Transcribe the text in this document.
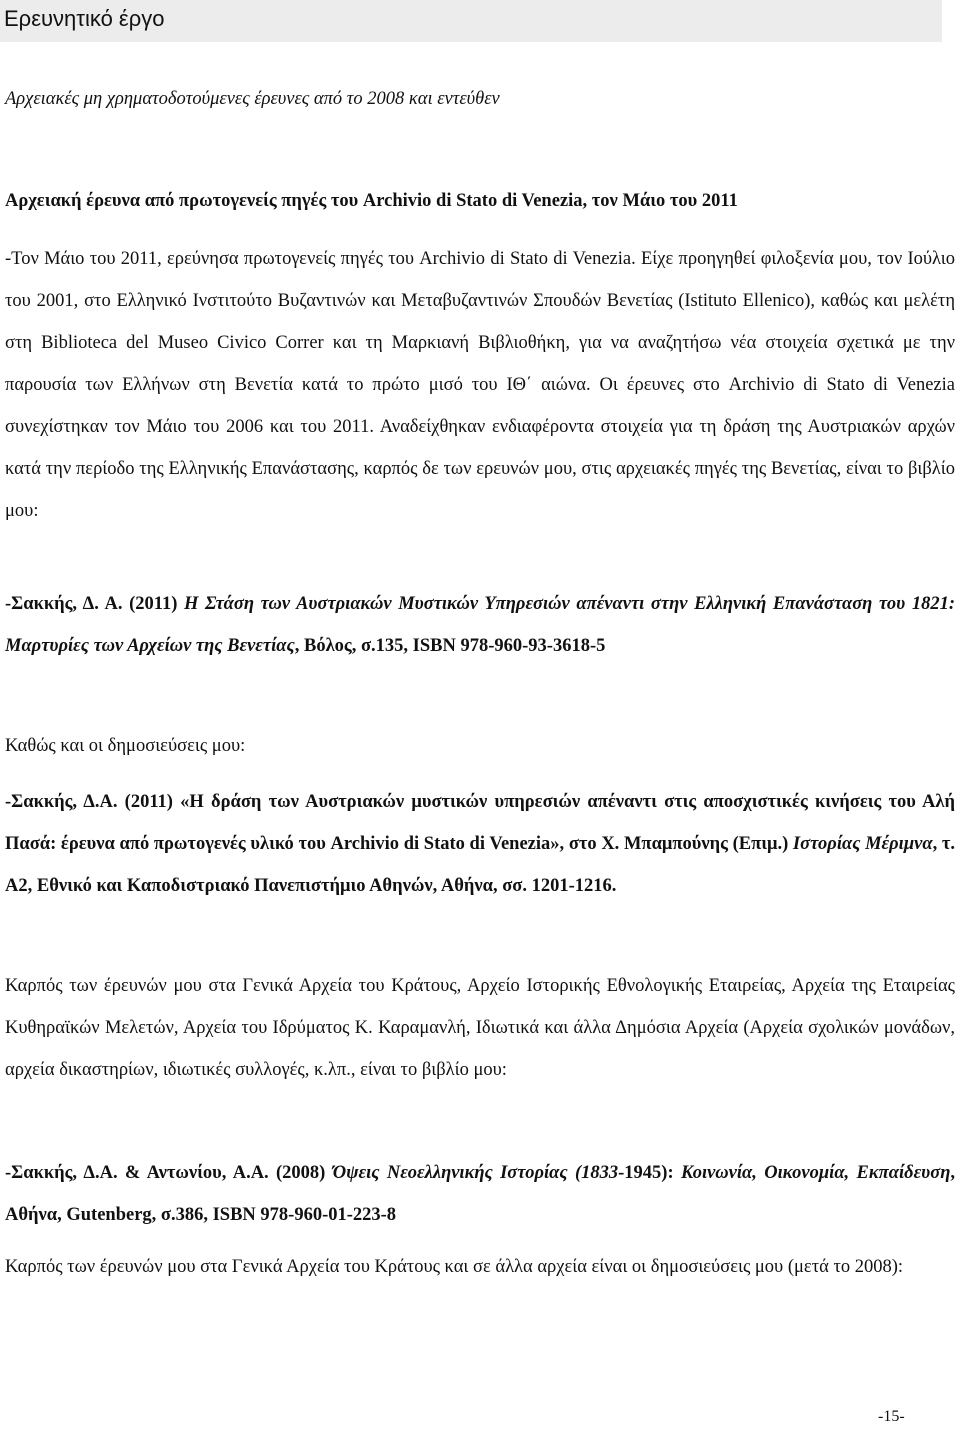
Ερευνητικό έργο

Αρχειακές μη χρηματοδοτούμενες έρευνες από το 2008 και εντεύθεν

Αρχειακή έρευνα από πρωτογενείς πηγές του Archivio di Stato di Venezia, τον Μάιο του 2011

-Τον Μάιο του 2011, ερεύνησα πρωτογενείς πηγές του Archivio di Stato di Venezia. Είχε προηγηθεί φιλοξενία μου, τον Ιούλιο του 2001, στο Ελληνικό Ινστιτούτο Βυζαντινών και Μεταβυζαντινών Σπουδών Βενετίας (Istituto Ellenico), καθώς και μελέτη στη Biblioteca del Museo Civico Correr και τη Μαρκιανή Βιβλιοθήκη, για να αναζητήσω νέα στοιχεία σχετικά με την παρουσία των Ελλήνων στη Βενετία κατά το πρώτο μισό του ΙΘ΄ αιώνα. Οι έρευνες στο Archivio di Stato di Venezia συνεχίστηκαν τον Μάιο του 2006 και του 2011. Αναδείχθηκαν ενδιαφέροντα στοιχεία για τη δράση της Αυστριακών αρχών κατά την περίοδο της Ελληνικής Επανάστασης, καρπός δε των ερευνών μου, στις αρχειακές πηγές της Βενετίας, είναι το βιβλίο μου:

-Σακκής, Δ. Α. (2011) Η Στάση των Αυστριακών Μυστικών Υπηρεσιών απέναντι στην Ελληνική Επανάσταση του 1821: Μαρτυρίες των Αρχείων της Βενετίας, Βόλος, σ.135, ISBN 978-960-93-3618-5

Καθώς και οι δημοσιεύσεις μου:

-Σακκής, Δ.Α. (2011) «Η δράση των Αυστριακών μυστικών υπηρεσιών απέναντι στις αποσχιστικές κινήσεις του Αλή Πασά: έρευνα από πρωτογενές υλικό του Archivio di Stato di Venezia», στο Χ. Μπαμπούνης (Επιμ.) Ιστορίας Μέριμνα, τ. Α2, Εθνικό και Καποδιστριακό Πανεπιστήμιο Αθηνών, Αθήνα, σσ. 1201-1216.

Καρπός των έρευνών μου στα Γενικά Αρχεία του Κράτους, Αρχείο Ιστορικής Εθνολογικής Εταιρείας, Αρχεία της Εταιρείας Κυθηραϊκών Μελετών, Αρχεία του Ιδρύματος Κ. Καραμανλή, Ιδιωτικά και άλλα Δημόσια Αρχεία (Αρχεία σχολικών μονάδων, αρχεία δικαστηρίων, ιδιωτικές συλλογές, κ.λπ., είναι το βιβλίο μου:

-Σακκής, Δ.Α. & Αντωνίου, Α.Α. (2008) Όψεις Νεοελληνικής Ιστορίας (1833-1945): Κοινωνία, Οικονομία, Εκπαίδευση, Αθήνα, Gutenberg, σ.386, ISBN 978-960-01-223-8

Καρπός των έρευνών μου στα Γενικά Αρχεία του Κράτους και σε άλλα αρχεία είναι οι δημοσιεύσεις μου (μετά το 2008):

-15-
